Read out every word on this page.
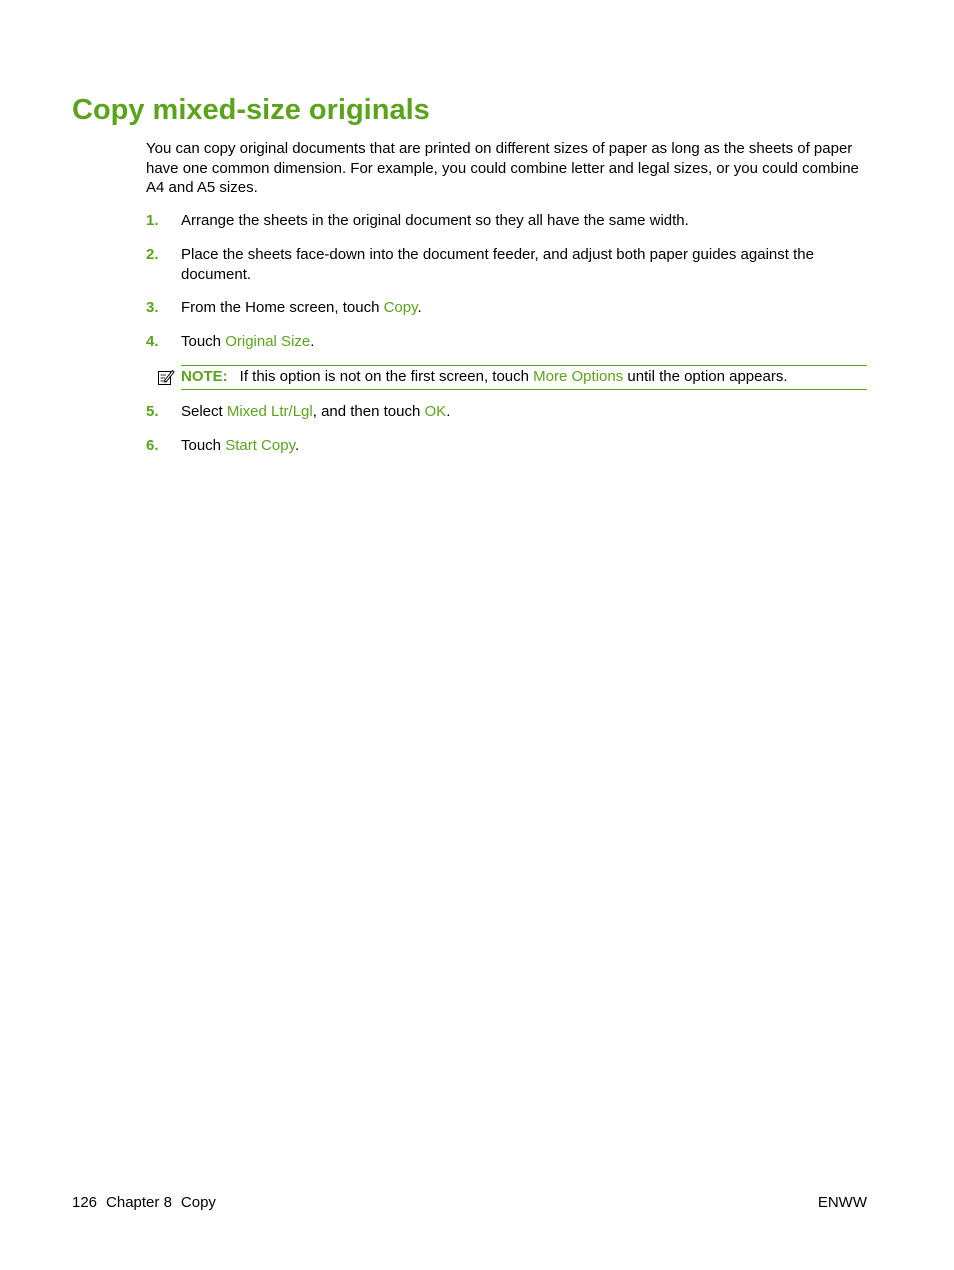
Copy mixed-size originals

You can copy original documents that are printed on different sizes of paper as long as the sheets of paper have one common dimension. For example, you could combine letter and legal sizes, or you could combine A4 and A5 sizes.

1. Arrange the sheets in the original document so they all have the same width.
2. Place the sheets face-down into the document feeder, and adjust both paper guides against the document.
3. From the Home screen, touch Copy.
4. Touch Original Size.
NOTE: If this option is not on the first screen, touch More Options until the option appears.
5. Select Mixed Ltr/Lgl, and then touch OK.
6. Touch Start Copy.
126 Chapter 8 Copy	ENWW
